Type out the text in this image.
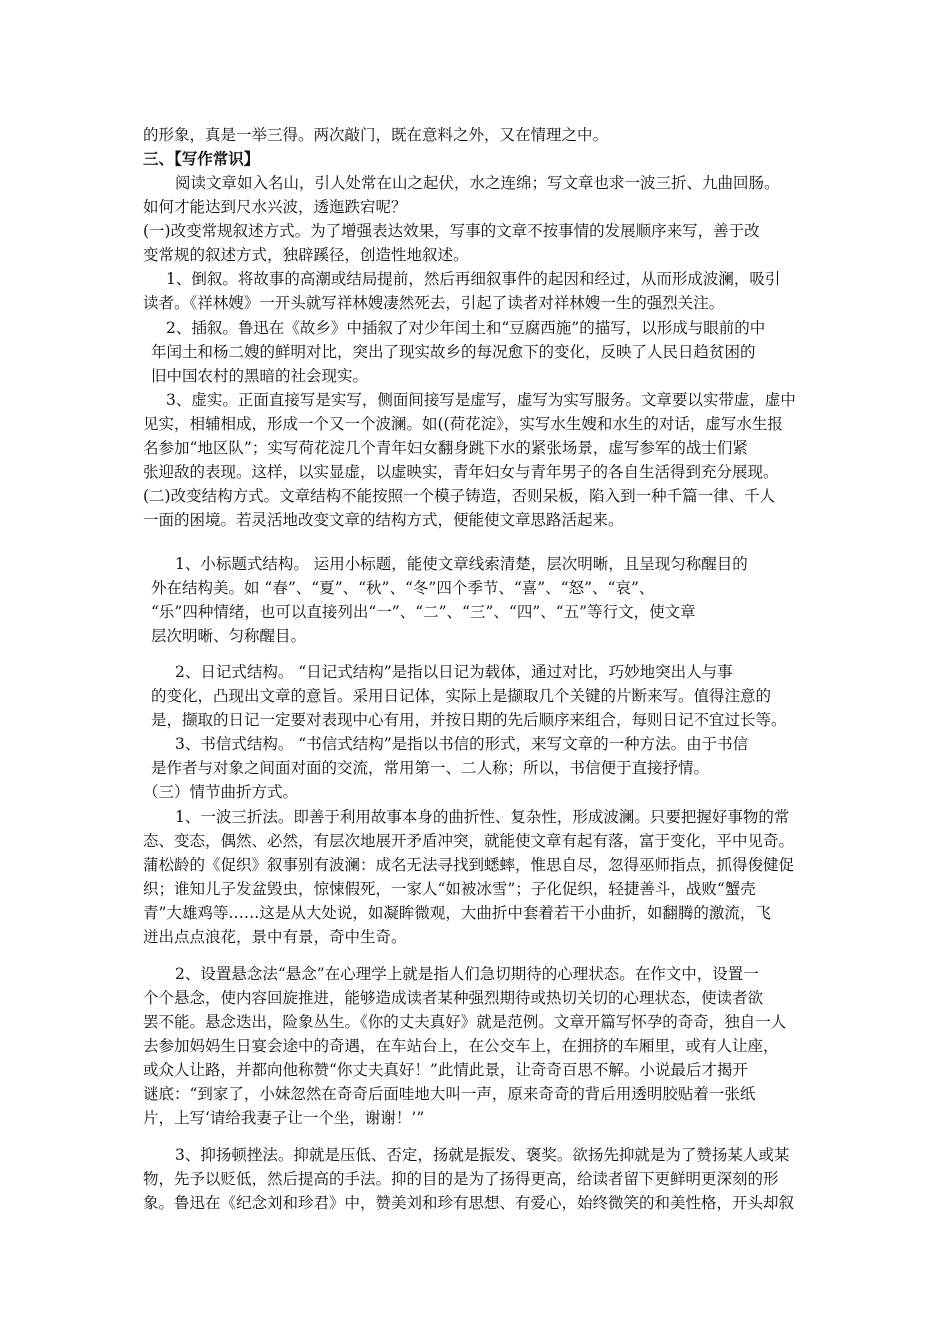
的形象，真是一举三得。两次敲门，既在意料之外，又在情理之中。
三、【写作常识】
阅读文章如入名山，引人处常在山之起伏，水之连绵；写文章也求一波三折、九曲回肠。
如何才能达到尺水兴波，透迤跌宕呢？
(一)改变常规叙述方式。为了增强表达效果，写事的文章不按事情的发展顺序来写，善于改
变常规的叙述方式，独辟蹊径，创造性地叙述。
1、倒叙。将故事的高潮或结局提前，然后再细叙事件的起因和经过，从而形成波澜，吸引
读者。《祥林嫂》一开头就写祥林嫂凄然死去，引起了读者对祥林嫂一生的强烈关注。
2、插叙。鲁迅在《故乡》中插叙了对少年闰土和“豆腐西施”的描写，以形成与眼前的中
年闰土和杨二嫂的鲜明对比，突出了现实故乡的每况愈下的变化，反映了人民日趋贫困的
旧中国农村的黑暗的社会现实。
3、虚实。正面直接写是实写，侧面间接写是虚写，虚写为实写服务。文章要以实带虚，虚中
见实，相辅相成，形成一个又一个波澜。如((荷花淀》，实写水生嫂和水生的对话，虚写水生报
名参加“地区队”；实写荷花淀几个青年妇女翻身跳下水的紧张场景，虚写参军的战士们紧
张迎敌的表现。这样，以实显虚，以虚映实，青年妇女与青年男子的各自生活得到充分展现。
(二)改变结构方式。文章结构不能按照一个模子铸造，否则呆板，陷入到一种千篇一律、千人
一面的困境。若灵活地改变文章的结构方式，便能使文章思路活起来。
1、小标题式结构。 运用小标题，能使文章线索清楚，层次明晰，且呈现匀称醒目的
外在结构美。如 “春”、“夏”、“秋”、“冬”四个季节、“喜”、“怒”、“哀”、
“乐”四种情绪，也可以直接列出“一”、“二”、“三”、“四”、“五”等行文，使文章
层次明晰、匀称醒目。
2、日记式结构。 “日记式结构”是指以日记为载体，通过对比，巧妙地突出人与事
的变化，凸现出文章的意旨。采用日记体，实际上是撷取几个关键的片断来写。值得注意的
是，撷取的日记一定要对表现中心有用，并按日期的先后顺序来组合，每则日记不宜过长等。
3、书信式结构。 “书信式结构”是指以书信的形式，来写文章的一种方法。由于书信
是作者与对象之间面对面的交流，常用第一、二人称；所以，书信便于直接抒情。
（三）情节曲折方式。
1、一波三折法。即善于利用故事本身的曲折性、复杂性，形成波澜。只要把握好事物的常
态、变态，偶然、必然，有层次地展开矛盾冲突，就能使文章有起有落，富于变化，平中见奇。
蒲松龄的《促织》叙事别有波澜：成名无法寻找到蟋蟀，惟思自尽，忽得巫师指点，抓得俊健促
织；谁知儿子发盆毁虫，惊悚假死，一家人“如被冰雪”；子化促织，轻捷善斗，战败“蟹壳
青”大雄鸡等……这是从大处说，如凝眸微观，大曲折中套着若干小曲折，如翻腾的激流，飞
迸出点点浪花，景中有景，奇中生奇。
2、设置悬念法“悬念”在心理学上就是指人们急切期待的心理状态。在作文中，设置一
个个悬念，使内容回旋推进，能够造成读者某种强烈期待或热切关切的心理状态，使读者欲
罢不能。悬念迭出，险象丛生。《你的丈夫真好》就是范例。文章开篇写怀孕的奇奇，独自一人
去参加妈妈生日宴会途中的奇遇，在车站台上，在公交车上，在拥挤的车厢里，或有人让座，
或众人让路，并都向他称赞“你丈夫真好！”此情此景，让奇奇百思不解。小说最后才揭开
谜底：“到家了，小妹忽然在奇奇后面哇地大叫一声，原来奇奇的背后用透明胶贴着一张纸
片，上写‘请给我妻子让一个坐，谢谢！’”
3、抑扬顿挫法。抑就是压低、否定，扬就是振发、褒奖。欲扬先抑就是为了赞扬某人或某
物，先予以贬低，然后提高的手法。抑的目的是为了扬得更高，给读者留下更鲜明更深刻的形
象。鲁迅在《纪念刘和珍君》中，赞美刘和珍有思想、有爱心，始终微笑的和美性格，开头却叙
